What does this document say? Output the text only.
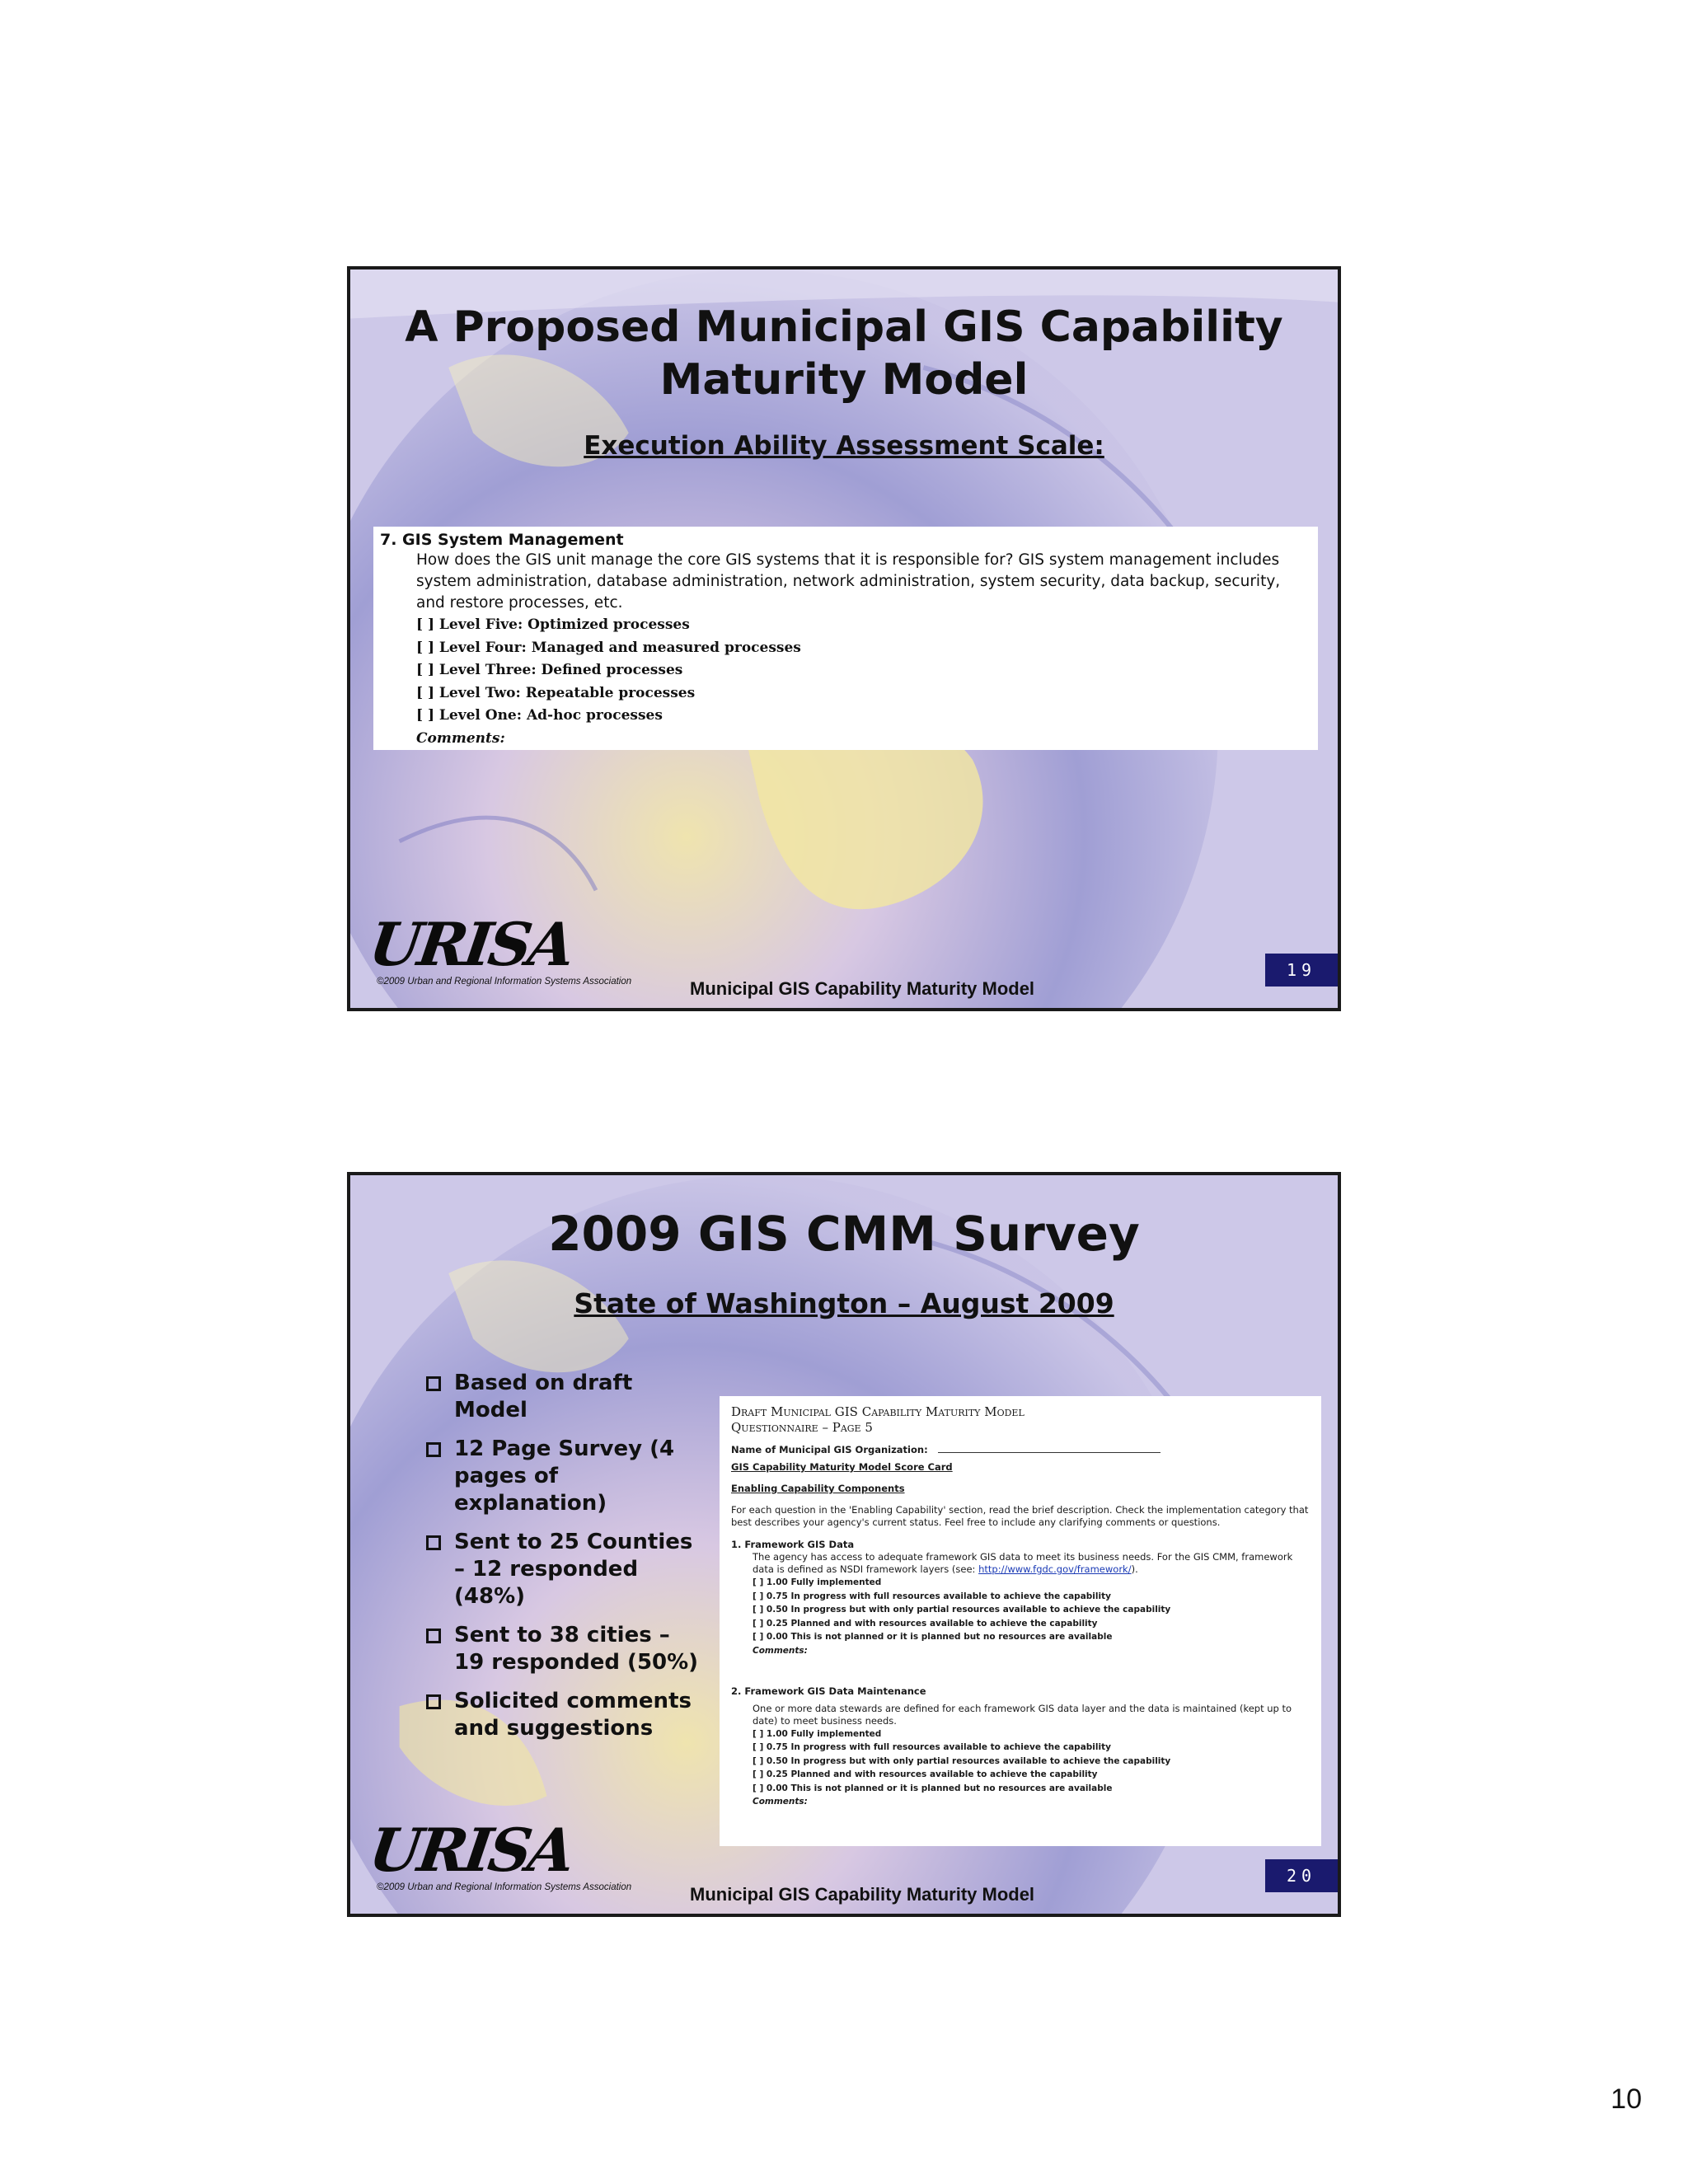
A Proposed Municipal GIS Capability
Maturity Model
Execution Ability Assessment Scale:
7. GIS System Management
How does the GIS unit manage the core GIS systems that it is responsible for? GIS system management includes system administration, database administration, network administration, system security, data backup, security, and restore processes, etc.
[ ] Level Five: Optimized processes
[ ] Level Four: Managed and measured processes
[ ] Level Three: Defined processes
[ ] Level Two: Repeatable processes
[ ] Level One: Ad-hoc processes
Comments:
URISA
©2009 Urban and Regional Information Systems Association	Municipal GIS Capability Maturity Model
19
2009 GIS CMM Survey
State of Washington – August 2009
Based on draft Model
12 Page Survey (4 pages of explanation)
Sent to 25 Counties – 12 responded (48%)
Sent to 38 cities – 19 responded (50%)
Solicited comments and suggestions
Draft Municipal GIS Capability Maturity Model
Questionnaire – Page 5
Name of Municipal GIS Organization:
GIS Capability Maturity Model Score Card
Enabling Capability Components
For each question in the 'Enabling Capability' section, read the brief description. Check the implementation category that best describes your agency's current status. Feel free to include any clarifying comments or questions.
1. Framework GIS Data
The agency has access to adequate framework GIS data to meet its business needs. For the GIS CMM, framework data is defined as NSDI framework layers (see: http://www.fgdc.gov/framework/).
[ ] 1.00 Fully implemented
[ ] 0.75 In progress with full resources available to achieve the capability
[ ] 0.50 In progress but with only partial resources available to achieve the capability
[ ] 0.25 Planned and with resources available to achieve the capability
[ ] 0.00 This is not planned or it is planned but no resources are available
Comments:
2. Framework GIS Data Maintenance
One or more data stewards are defined for each framework GIS data layer and the data is maintained (kept up to date) to meet business needs.
[ ] 1.00 Fully implemented
[ ] 0.75 In progress with full resources available to achieve the capability
[ ] 0.50 In progress but with only partial resources available to achieve the capability
[ ] 0.25 Planned and with resources available to achieve the capability
[ ] 0.00 This is not planned or it is planned but no resources are available
Comments:
URISA
©2009 Urban and Regional Information Systems Association	Municipal GIS Capability Maturity Model
20
10
